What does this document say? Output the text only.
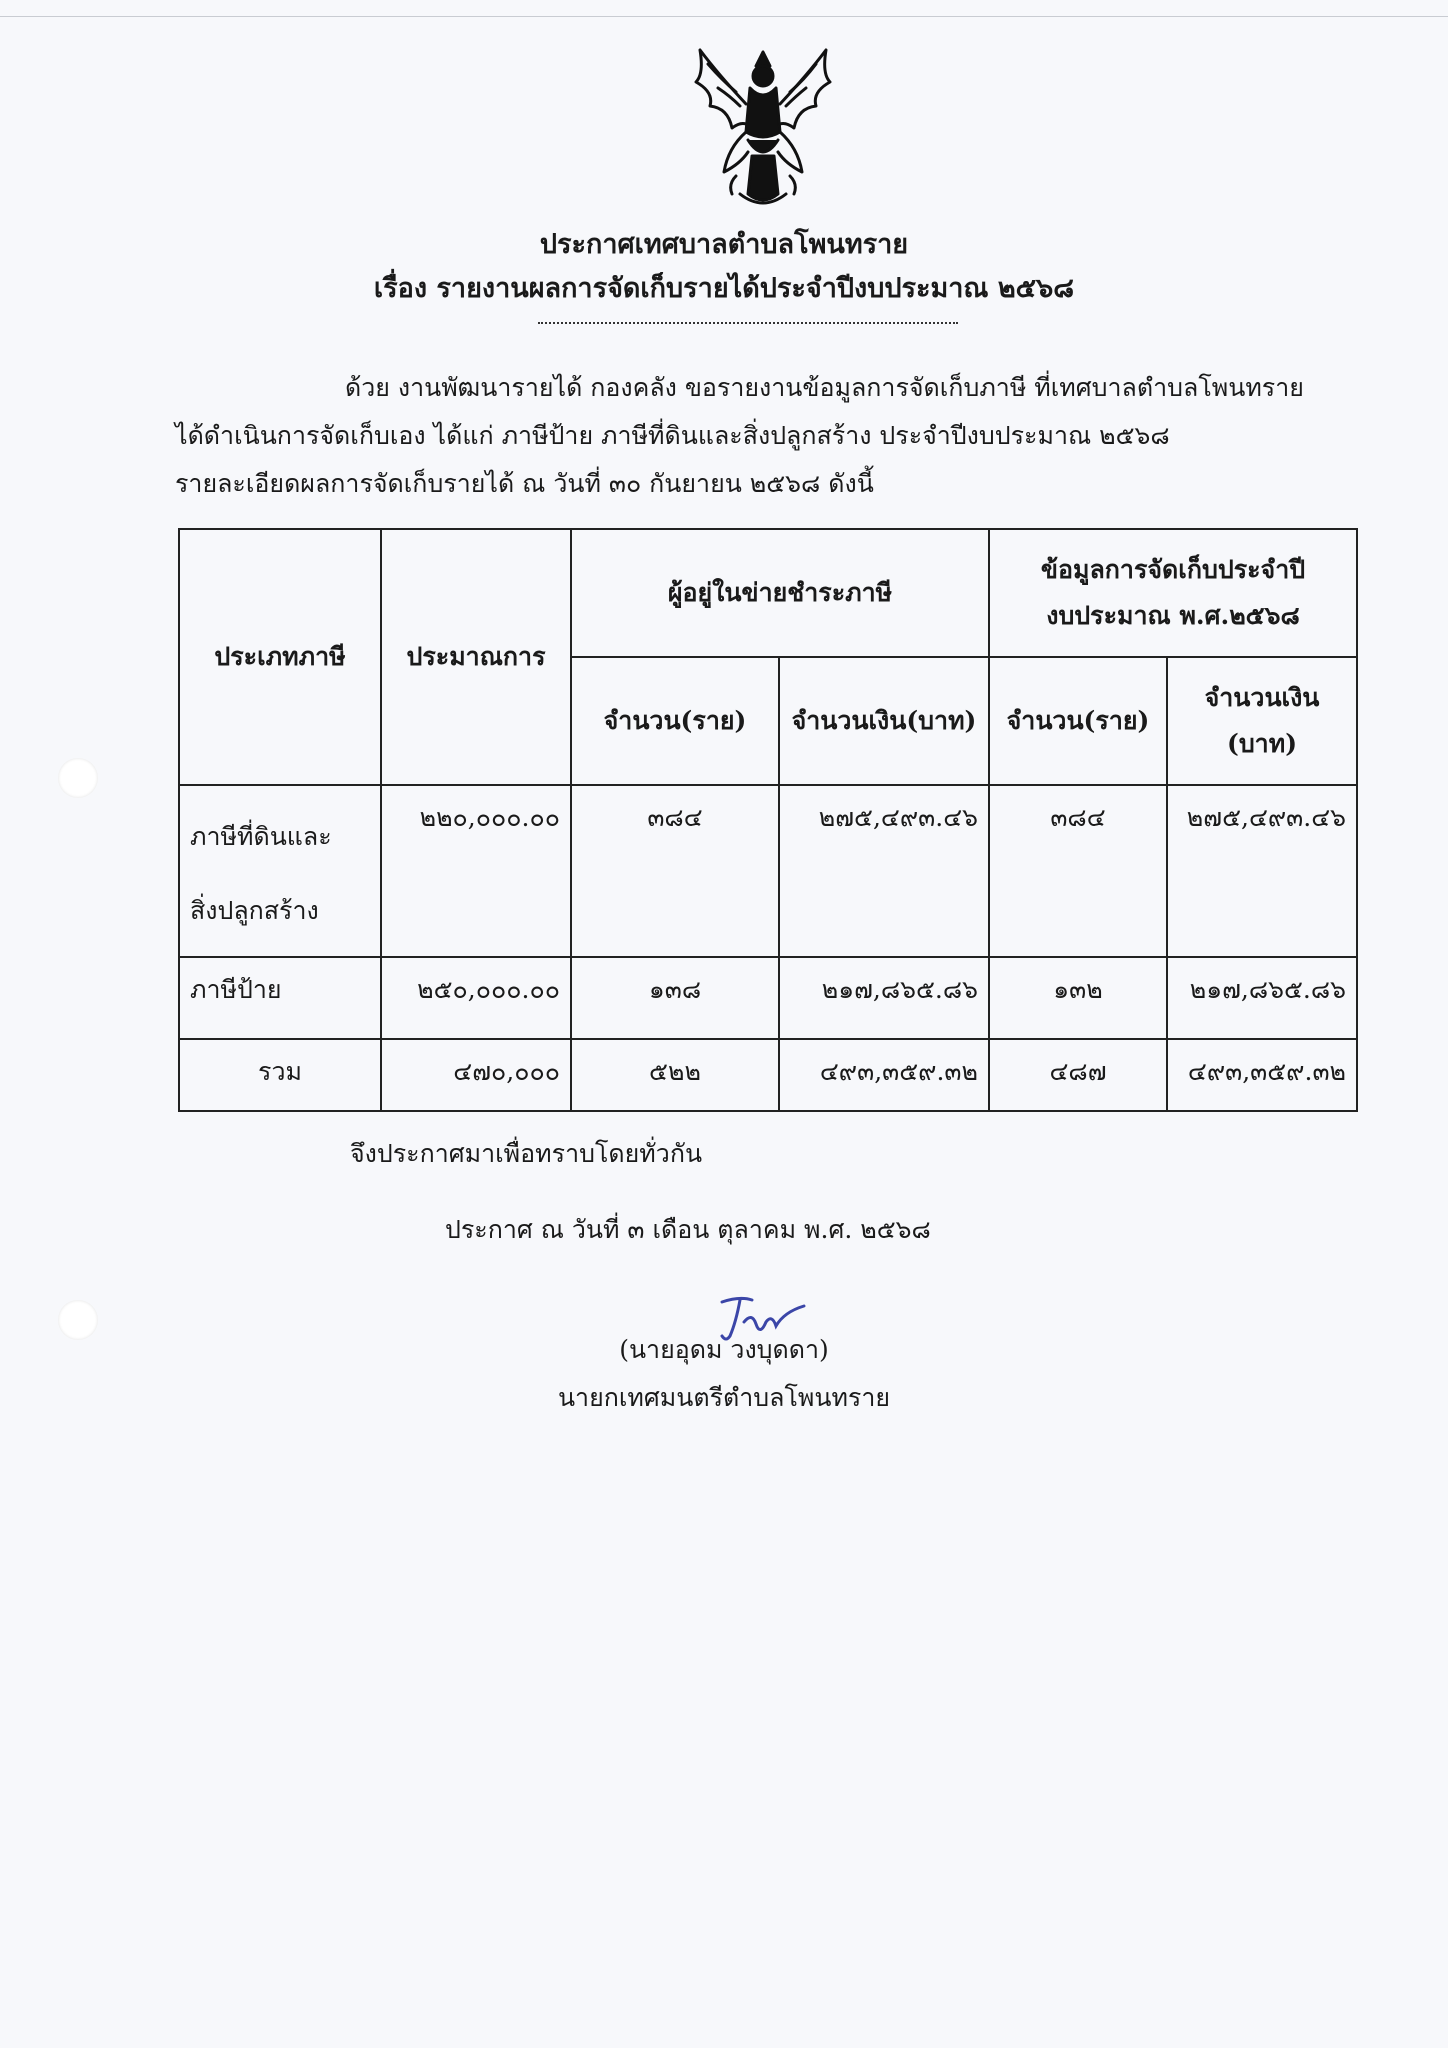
ประกาศเทศบาลตำบลโพนทราย
เรื่อง รายงานผลการจัดเก็บรายได้ประจำปีงบประมาณ ๒๕๖๘

ด้วย งานพัฒนารายได้ กองคลัง ขอรายงานข้อมูลการจัดเก็บภาษี ที่เทศบาลตำบลโพนทราย

ได้ดำเนินการจัดเก็บเอง ได้แก่ ภาษีป้าย ภาษีที่ดินและสิ่งปลูกสร้าง ประจำปีงบประมาณ ๒๕๖๘

รายละเอียดผลการจัดเก็บรายได้ ณ วันที่ ๓๐ กันยายน ๒๕๖๘ ดังนี้

ประเภทภาษี	ประมาณการ	ผู้อยู่ในข่ายชำระภาษี		ข้อมูลการจัดเก็บประจำปี
งบประมาณ พ.ศ.๒๕๖๘	

		จำนวน(ราย)	จำนวนเงิน(บาท)	จำนวน(ราย)	จำนวนเงิน
(บาท)

ภาษีที่ดินและ
สิ่งปลูกสร้าง	๒๒๐,๐๐๐.๐๐	๓๘๔	๒๗๕,๔๙๓.๔๖	๓๘๔	๒๗๕,๔๙๓.๔๖
ภาษีป้าย	๒๕๐,๐๐๐.๐๐	๑๓๘	๒๑๗,๘๖๕.๘๖	๑๓๒	๒๑๗,๘๖๕.๘๖
รวม	๔๗๐,๐๐๐	๕๒๒	๔๙๓,๓๕๙.๓๒	๔๘๗	๔๙๓,๓๕๙.๓๒
จึงประกาศมาเพื่อทราบโดยทั่วกัน
ประกาศ ณ วันที่ ๓ เดือน ตุลาคม พ.ศ. ๒๕๖๘
(นายอุดม วงบุดดา)
นายกเทศมนตรีตำบลโพนทราย
